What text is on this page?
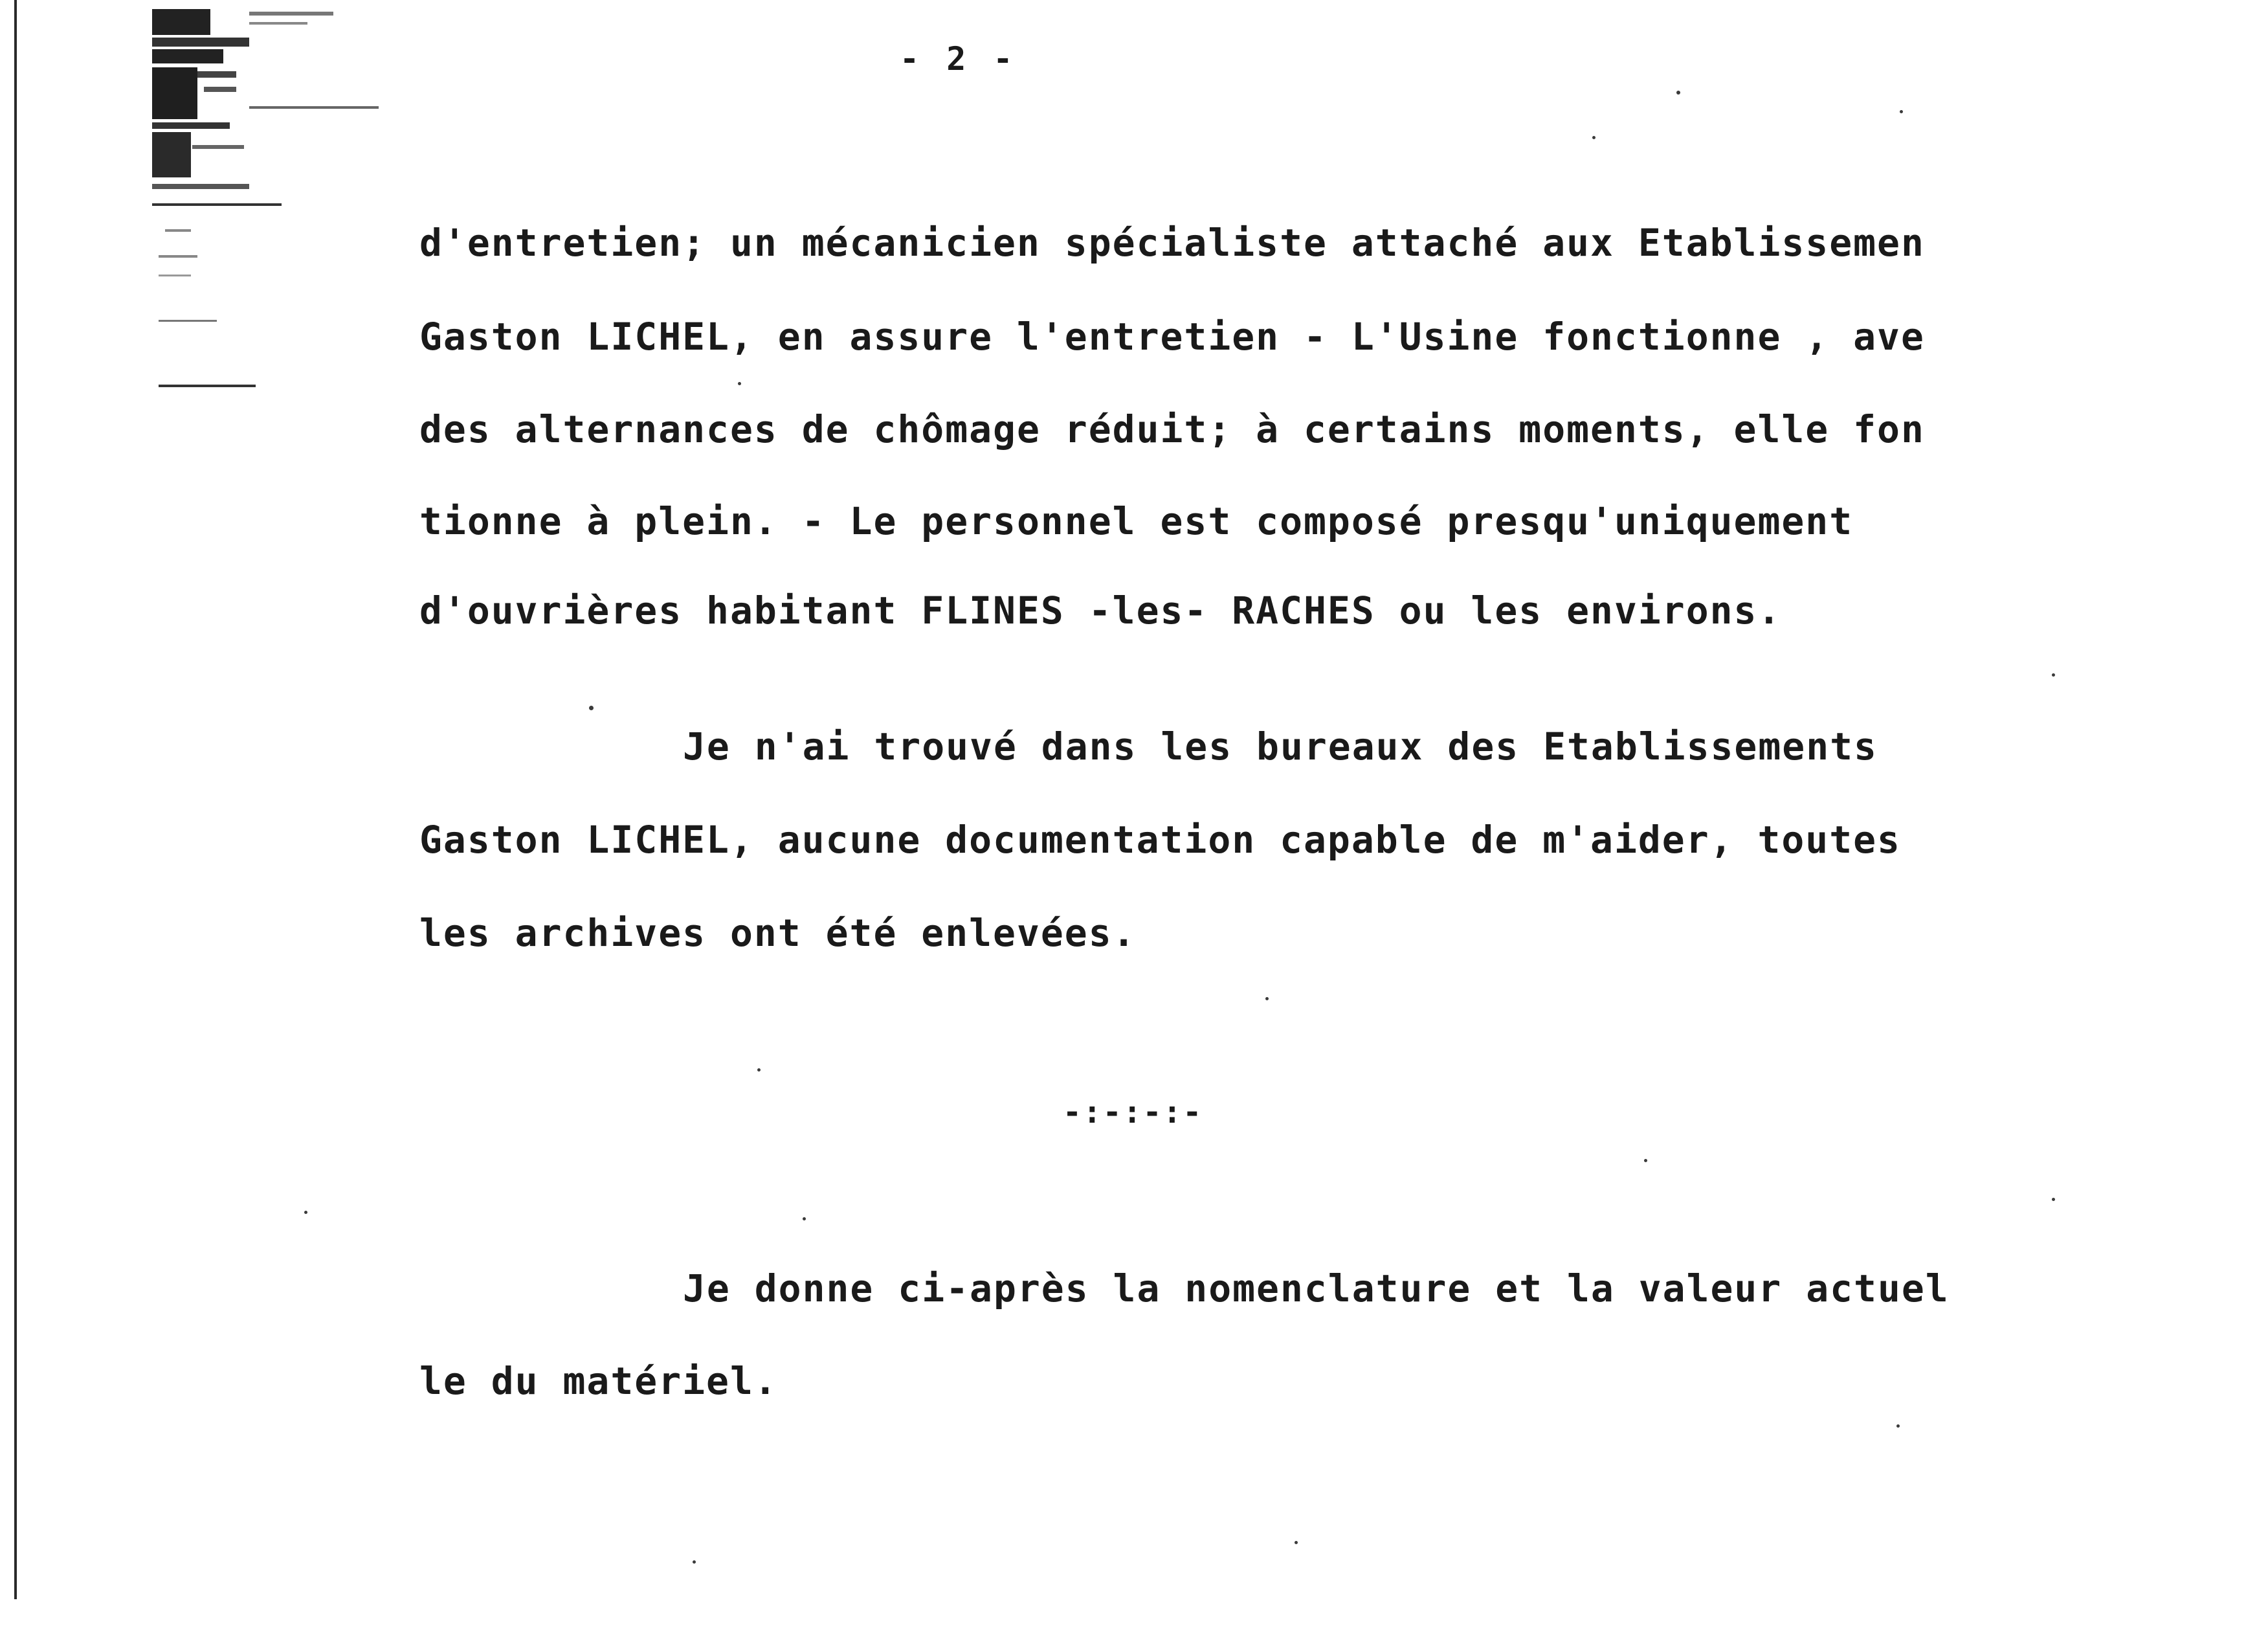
- 2 -
d'entretien; un mécanicien spécialiste attaché aux Etablissemen
Gaston LICHEL, en assure l'entretien - L'Usine fonctionne , ave
des alternances de chômage réduit; à certains moments, elle fon
tionne à plein. - Le personnel est composé presqu'uniquement
d'ouvrières habitant FLINES -les- RACHES ou les environs.
Je n'ai trouvé dans les bureaux des Etablissements
Gaston LICHEL, aucune documentation capable de m'aider, toutes
les archives ont été enlevées.
-:-:-:-
Je donne ci-après la nomenclature et la valeur actuel
le du matériel.
